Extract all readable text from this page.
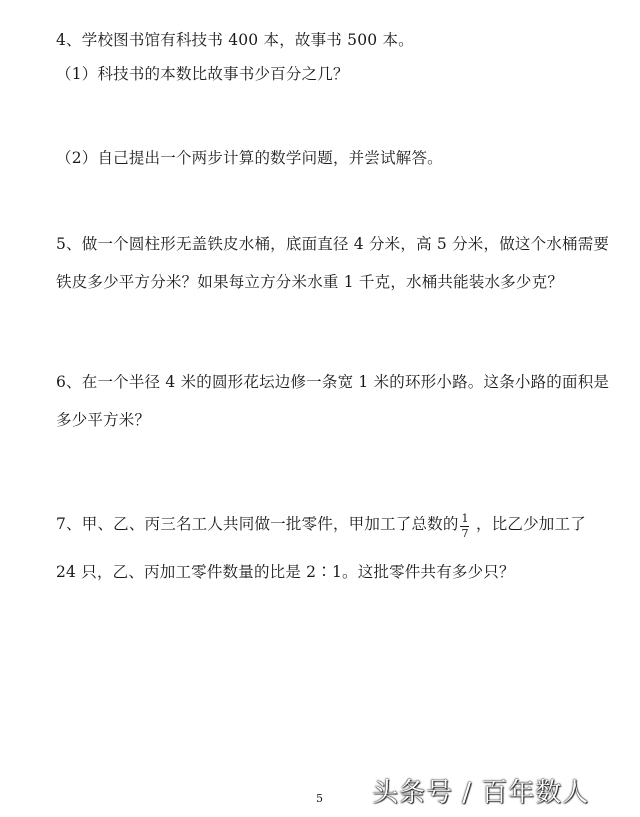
4、学校图书馆有科技书 400 本，故事书 500 本。
（1）科技书的本数比故事书少百分之几？
（2）自己提出一个两步计算的数学问题，并尝试解答。
5、做一个圆柱形无盖铁皮水桶，底面直径 4 分米，高 5 分米，做这个水桶需要
铁皮多少平方分米？如果每立方分米水重 1 千克，水桶共能装水多少克？
6、在一个半径 4 米的圆形花坛边修一条宽 1 米的环形小路。这条小路的面积是
多少平方米？
7、甲、乙、丙三名工人共同做一批零件，甲加工了总数的 1
7
，比乙少加工了
24 只，乙、丙加工零件数量的比是 2∶1。这批零件共有多少只？
5 头条号 / 百年数人
